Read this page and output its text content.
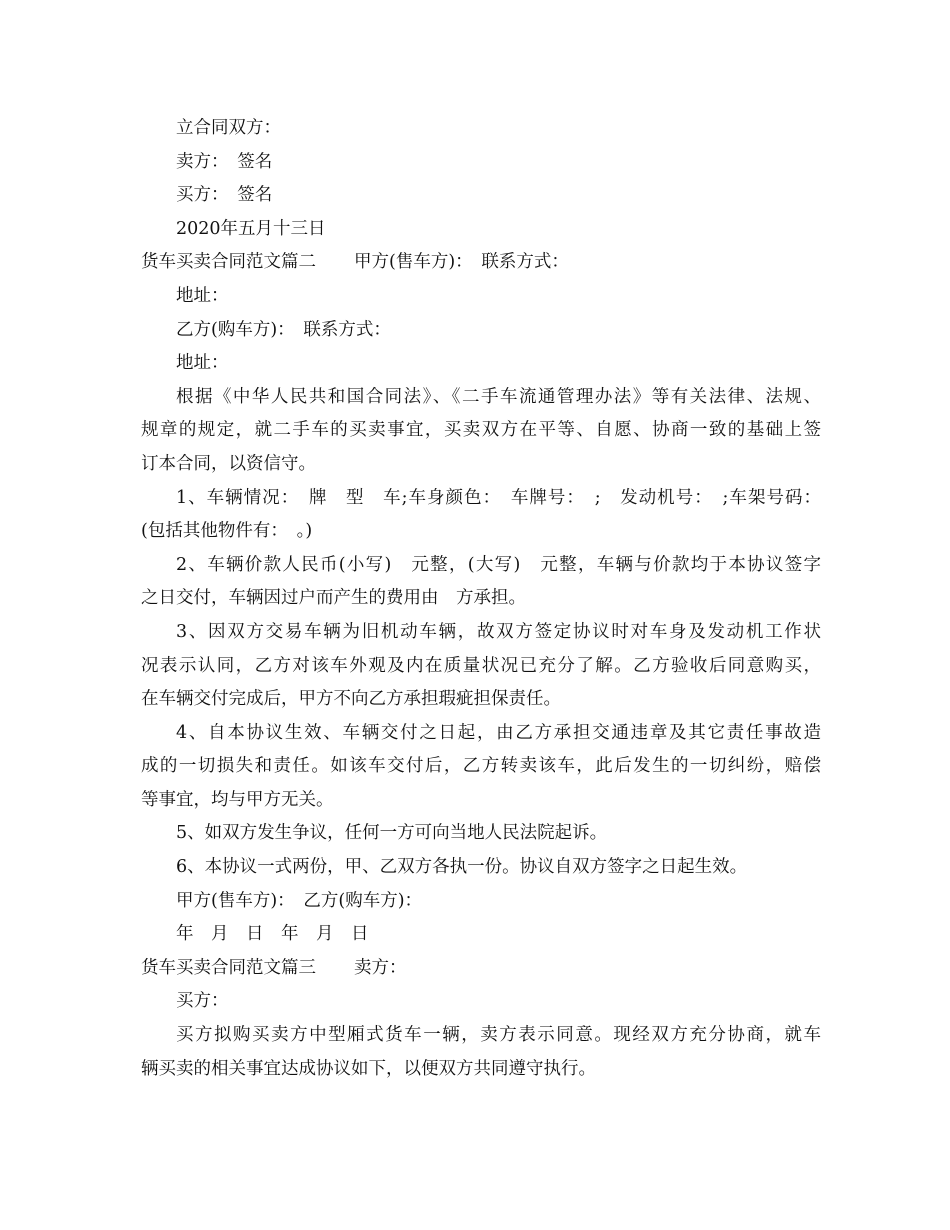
立合同双方：
卖方：　签名
买方：　签名
2020年五月十三日
货车买卖合同范文篇二 甲方(售车方)：　联系方式：
地址：
乙方(购车方)：　联系方式：
地址：
根据《中华人民共和国合同法》、《二手车流通管理办法》等有关法律、法规、
规章的规定，就二手车的买卖事宜，买卖双方在平等、自愿、协商一致的基础上签
订本合同，以资信守。
1、车辆情况：　牌　型　车;车身颜色：　车牌号：　;　发动机号：　;车架号码：
(包括其他物件有：　。)
2、车辆价款人民币(小写)　元整，(大写)　元整，车辆与价款均于本协议签字
之日交付，车辆因过户而产生的费用由　方承担。
3、因双方交易车辆为旧机动车辆，故双方签定协议时对车身及发动机工作状
况表示认同，乙方对该车外观及内在质量状况已充分了解。乙方验收后同意购买，
在车辆交付完成后，甲方不向乙方承担瑕疵担保责任。
4、自本协议生效、车辆交付之日起，由乙方承担交通违章及其它责任事故造
成的一切损失和责任。如该车交付后，乙方转卖该车，此后发生的一切纠纷，赔偿
等事宜，均与甲方无关。
5、如双方发生争议，任何一方可向当地人民法院起诉。
6、本协议一式两份，甲、乙双方各执一份。协议自双方签字之日起生效。
甲方(售车方)：　乙方(购车方)：
年　月　日　年　月　日
货车买卖合同范文篇三 卖方：
买方：
买方拟购买卖方中型厢式货车一辆，卖方表示同意。现经双方充分协商，就车
辆买卖的相关事宜达成协议如下，以便双方共同遵守执行。
